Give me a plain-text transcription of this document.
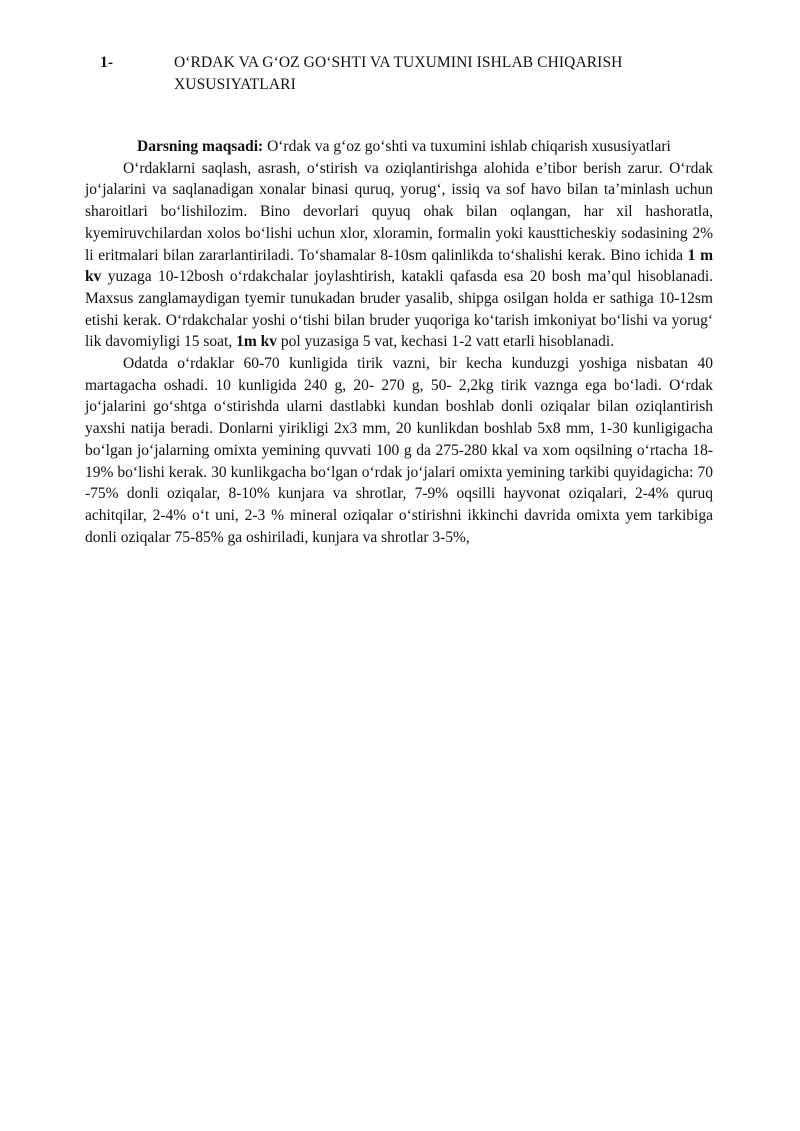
1-	O‘RDAK VA G‘OZ GO‘SHTI VA TUXUMINI ISHLAB CHIQARISH XUSUSIYATLARI

Darsning maqsadi: O‘rdak va g‘oz go‘shti va tuxumini ishlab chiqarish xususiyatlari

O‘rdaklarni saqlash, asrash, o‘stirish va oziqlantirishga alohida e’tibor berish zarur. O‘rdak jo‘jalarini va saqlanadigan xonalar binasi quruq, yorug‘, issiq va sof havo bilan ta’minlash uchun sharoitlari bo‘lishilozim. Bino devorlari quyuq ohak bilan oqlangan, har xil hashoratla, kyemiruvchilardan xolos bo‘lishi uchun xlor, xloramin, formalin yoki kaustticheskiy sodasining 2% li eritmalari bilan zararlantiriladi. To‘shamalar 8-10sm qalinlikda to‘shalishi kerak. Bino ichida 1 m kv yuzaga 10-12bosh o‘rdakchalar joylashtirish, katakli qafasda esa 20 bosh ma’qul hisoblanadi. Maxsus zanglamaydigan tyemir tunukadan bruder yasalib, shipga osilgan holda er sathiga 10-12sm etishi kerak. O‘rdakchalar yoshi o‘tishi bilan bruder yuqoriga ko‘tarish imkoniyat bo‘lishi va yorug‘ lik davomiyligi 15 soat, 1m kv pol yuzasiga 5 vat, kechasi 1-2 vatt etarli hisoblanadi.

Odatda o‘rdaklar 60-70 kunligida tirik vazni, bir kecha kunduzgi yoshiga nisbatan 40 martagacha oshadi. 10 kunligida 240 g, 20- 270 g, 50- 2,2kg tirik vaznga ega bo‘ladi. O‘rdak jo‘jalarini go‘shtga o‘stirishda ularni dastlabki kundan boshlab donli oziqalar bilan oziqlantirish yaxshi natija beradi. Donlarni yirikligi 2x3 mm, 20 kunlikdan boshlab 5x8 mm, 1-30 kunligigacha bo‘lgan jo‘jalarning omixta yemining quvvati 100 g da 275-280 kkal va xom oqsilning o‘rtacha 18-19% bo‘lishi kerak. 30 kunlikgacha bo‘lgan o‘rdak jo‘jalari omixta yemining tarkibi quyidagicha: 70 -75% donli oziqalar, 8-10% kunjara va shrotlar, 7-9% oqsilli hayvonat oziqalari, 2-4% quruq achitqilar, 2-4% o‘t uni, 2-3 % mineral oziqalar o‘stirishni ikkinchi davrida omixta yem tarkibiga donli oziqalar 75-85% ga oshiriladi, kunjara va shrotlar 3-5%,
